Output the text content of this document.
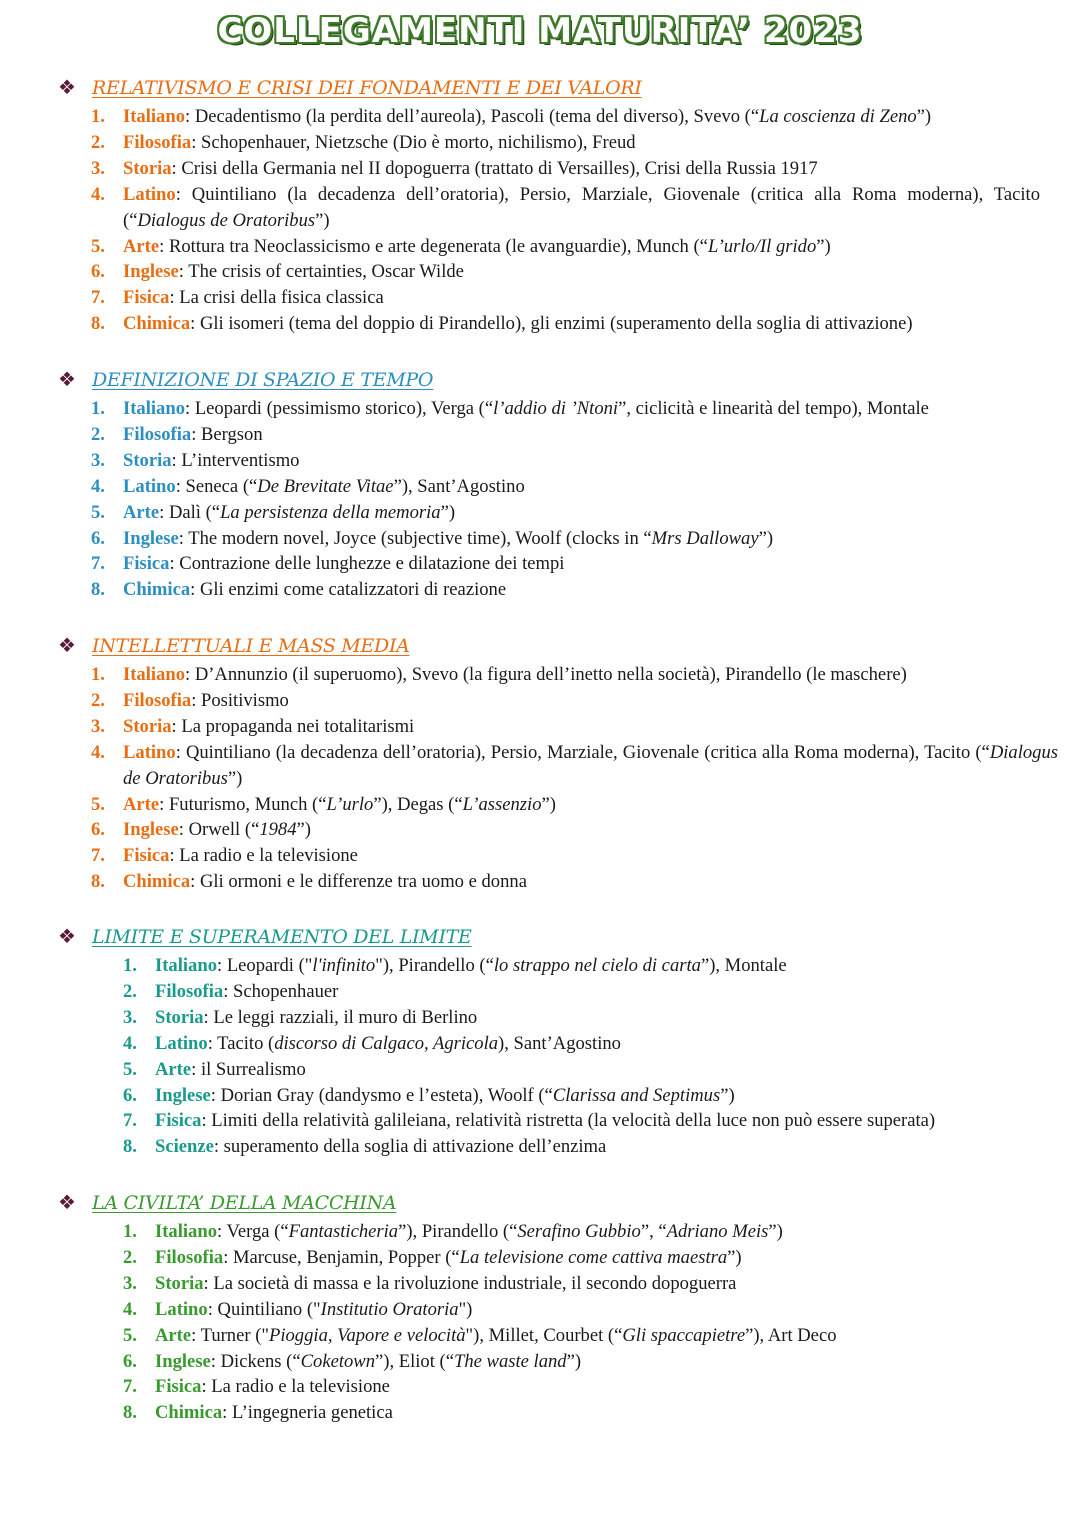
COLLEGAMENTI MATURITA’ 2023
❖ RELATIVISMO E CRISI DEI FONDAMENTI E DEI VALORI
1. Italiano: Decadentismo (la perdita dell’aureola), Pascoli (tema del diverso), Svevo (“La coscienza di Zeno”)
2. Filosofia: Schopenhauer, Nietzsche (Dio è morto, nichilismo), Freud
3. Storia: Crisi della Germania nel II dopoguerra (trattato di Versailles), Crisi della Russia 1917
4. Latino: Quintiliano (la decadenza dell’oratoria), Persio, Marziale, Giovenale (critica alla Roma moderna), Tacito (“Dialogus de Oratoribus”)
5. Arte: Rottura tra Neoclassicismo e arte degenerata (le avanguardie), Munch (“L’urlo/Il grido”)
6. Inglese: The crisis of certainties, Oscar Wilde
7. Fisica: La crisi della fisica classica
8. Chimica: Gli isomeri (tema del doppio di Pirandello), gli enzimi (superamento della soglia di attivazione)
❖ DEFINIZIONE DI SPAZIO E TEMPO
1. Italiano: Leopardi (pessimismo storico), Verga (“l’addio di ’Ntoni”, ciclicità e linearità del tempo), Montale
2. Filosofia: Bergson
3. Storia: L’interventismo
4. Latino: Seneca (“De Brevitate Vitae”), Sant’Agostino
5. Arte: Dalì (“La persistenza della memoria”)
6. Inglese: The modern novel, Joyce (subjective time), Woolf (clocks in “Mrs Dalloway”)
7. Fisica: Contrazione delle lunghezze e dilatazione dei tempi
8. Chimica: Gli enzimi come catalizzatori di reazione
❖ INTELLETTUALI E MASS MEDIA
1. Italiano: D’Annunzio (il superuomo), Svevo (la figura dell’inetto nella società), Pirandello (le maschere)
2. Filosofia: Positivismo
3. Storia: La propaganda nei totalitarismi
4. Latino: Quintiliano (la decadenza dell’oratoria), Persio, Marziale, Giovenale (critica alla Roma moderna), Tacito (“Dialogus de Oratoribus”)
5. Arte: Futurismo, Munch (“L’urlo”), Degas (“L’assenzio”)
6. Inglese: Orwell (“1984”)
7. Fisica: La radio e la televisione
8. Chimica: Gli ormoni e le differenze tra uomo e donna
❖ LIMITE E SUPERAMENTO DEL LIMITE
1. Italiano: Leopardi ("l'infinito"), Pirandello (“lo strappo nel cielo di carta”), Montale
2. Filosofia: Schopenhauer
3. Storia: Le leggi razziali, il muro di Berlino
4. Latino: Tacito (discorso di Calgaco, Agricola), Sant’Agostino
5. Arte: il Surrealismo
6. Inglese: Dorian Gray (dandysmo e l’esteta), Woolf (“Clarissa and Septimus”)
7. Fisica: Limiti della relatività galileiana, relatività ristretta (la velocità della luce non può essere superata)
8. Scienze: superamento della soglia di attivazione dell’enzima
❖ LA CIVILTA’ DELLA MACCHINA
1. Italiano: Verga (“Fantasticheria”), Pirandello (“Serafino Gubbio”, “Adriano Meis”)
2. Filosofia: Marcuse, Benjamin, Popper (“La televisione come cattiva maestra”)
3. Storia: La società di massa e la rivoluzione industriale, il secondo dopoguerra
4. Latino: Quintiliano ("Institutio Oratoria")
5. Arte: Turner ("Pioggia, Vapore e velocità"), Millet, Courbet (“Gli spaccapietre”), Art Deco
6. Inglese: Dickens (“Coketown”), Eliot (“The waste land”)
7. Fisica: La radio e la televisione
8. Chimica: L’ingegneria genetica
